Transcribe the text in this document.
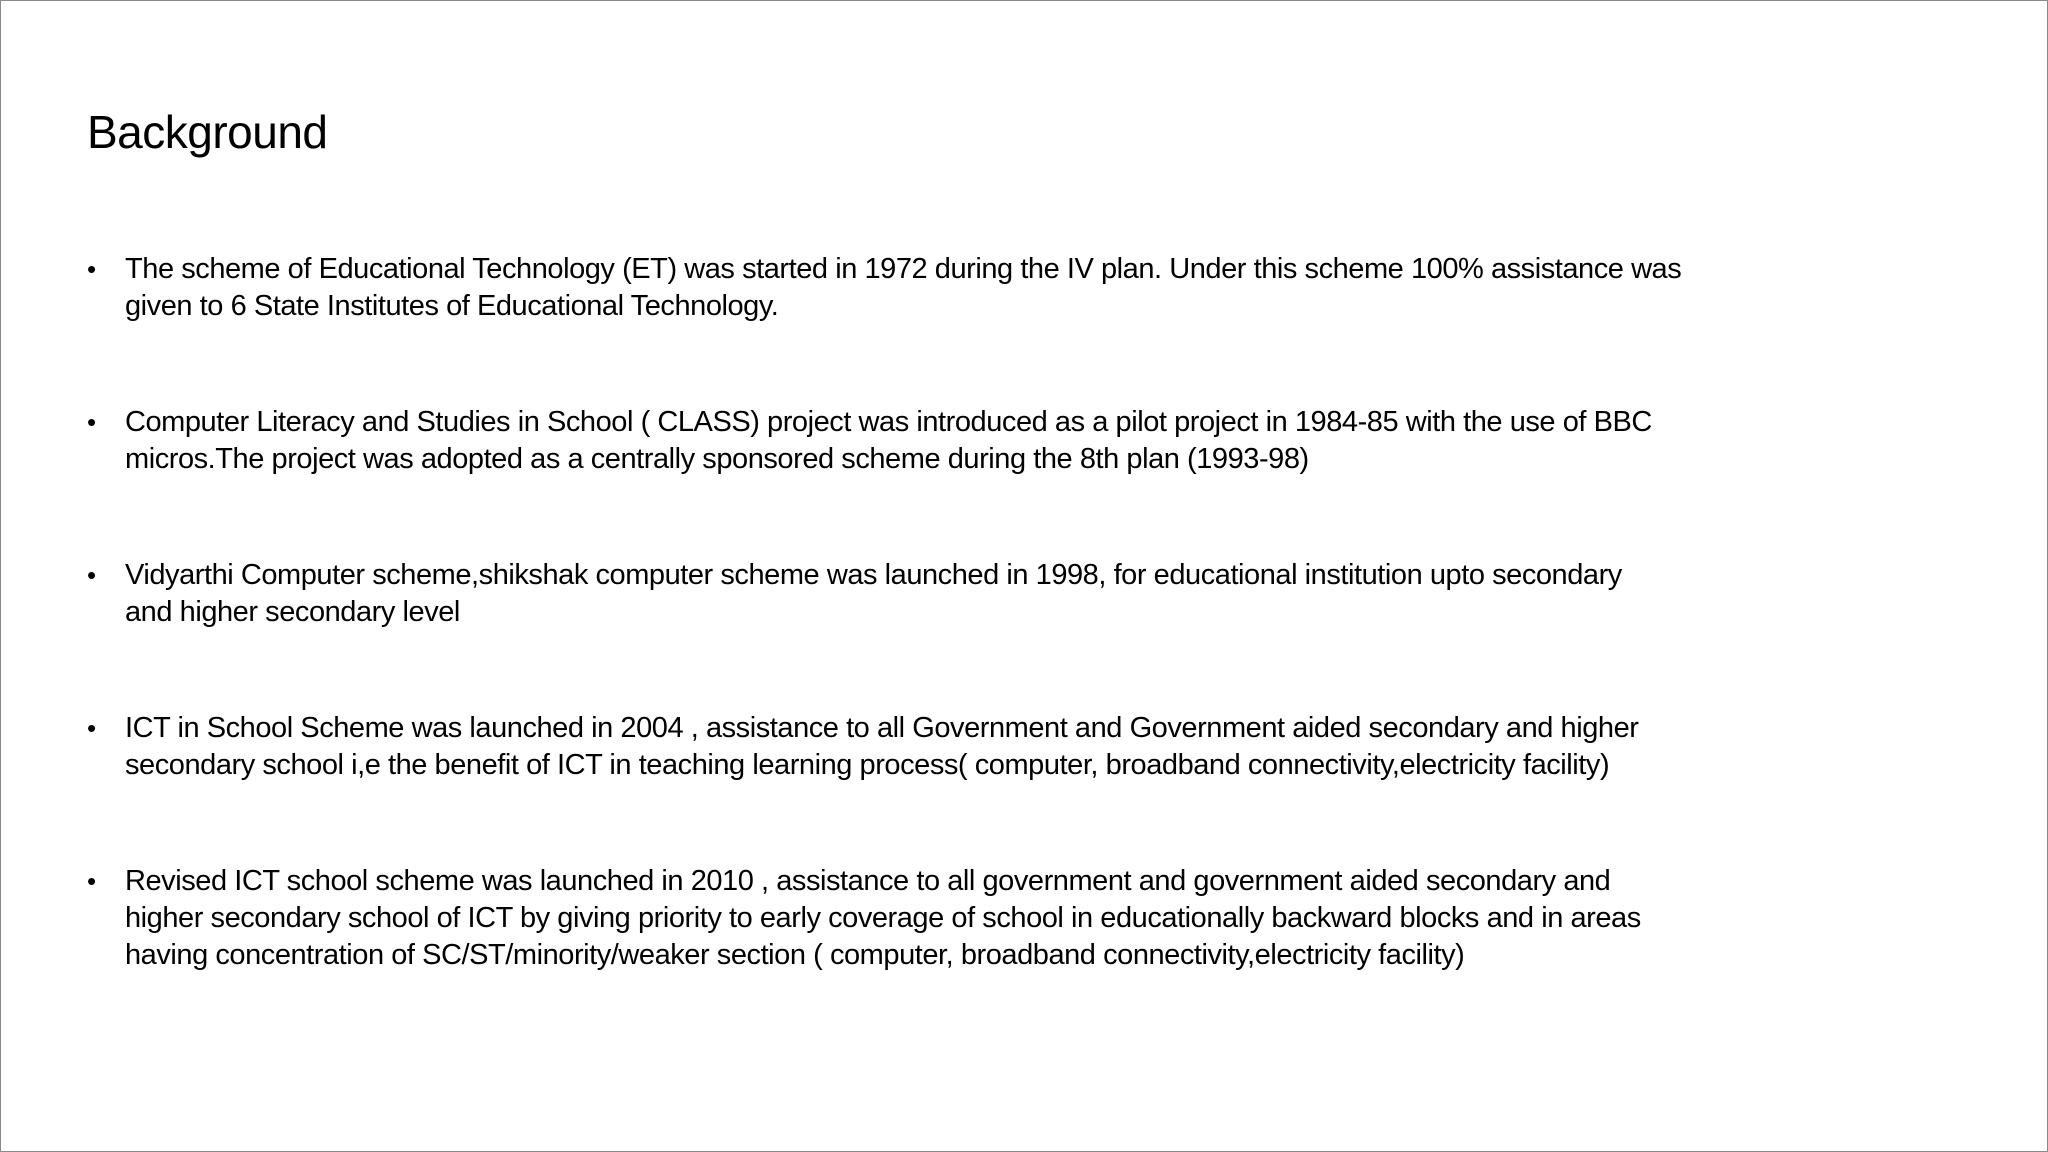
Background
• The scheme of Educational Technology (ET) was started in 1972 during the IV plan. Under this scheme 100% assistance was
given to 6 State Institutes of Educational Technology.
• Computer Literacy and Studies in School ( CLASS) project was introduced as a pilot project in 1984-85 with the use of BBC
micros.The project was adopted as a centrally sponsored scheme during the 8th plan (1993-98)
• Vidyarthi Computer scheme,shikshak computer scheme was launched in 1998, for educational institution upto secondary
and higher secondary level
• ICT in School Scheme was launched in 2004 , assistance to all Government and Government aided secondary and higher
secondary school i,e the benefit of ICT in teaching learning process( computer, broadband connectivity,electricity facility)
• Revised ICT school scheme was launched in 2010 , assistance to all government and government aided secondary and
higher secondary school of ICT by giving priority to early coverage of school in educationally backward blocks and in areas
having concentration of SC/ST/minority/weaker section ( computer, broadband connectivity,electricity facility)
